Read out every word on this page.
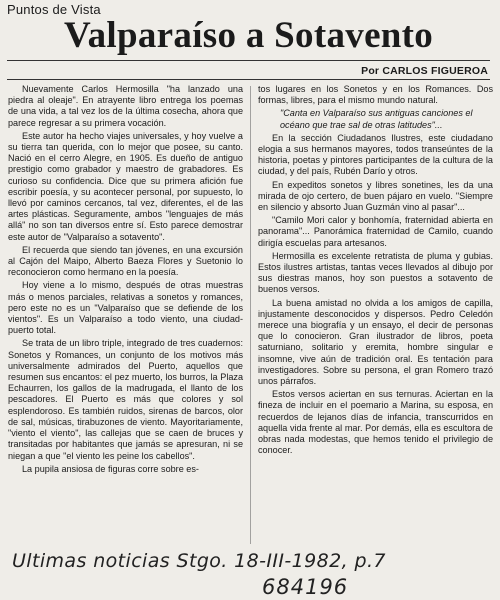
Puntos de Vista
Valparaíso a Sotavento
Por CARLOS FIGUEROA

Nuevamente Carlos Hermosilla "ha lanzado una piedra al oleaje". En atrayente libro entrega los poemas de una vida, a tal vez los de la última cosecha, ahora que parece regresar a su primera vocación.

Este autor ha hecho viajes universales, y hoy vuelve a su tierra tan querida, con lo mejor que posee, su canto. Nació en el cerro Alegre, en 1905. Es dueño de antiguo prestigio como grabador y maestro de grabadores. Es curioso su confidencia. Dice que su primera afición fue escribir poesía, y su acontecer personal, por supuesto, lo llevó por caminos cercanos, tal vez, diferentes, el de las artes plásticas. Seguramente, ambos "lenguajes de más allá" no son tan diversos entre sí. Esto parece demostrar este autor de "Valparaíso a sotavento".

El recuerda que siendo tan jóvenes, en una excursión al Cajón del Maipo, Alberto Baeza Flores y Suetonio lo reconocieron como hermano en la poesía.

Hoy viene a lo mismo, después de otras muestras más o menos parciales, relativas a sonetos y romances, pero este no es un "Valparaíso que se defiende de los vientos". Es un Valparaíso a todo viento, una ciudad-puerto total.

Se trata de un libro triple, integrado de tres cuadernos: Sonetos y Romances, un conjunto de los motivos más universalmente admirados del Puerto, aquellos que resumen sus encantos: el pez muerto, los burros, la Plaza Echaurren, los gallos de la madrugada, el llanto de los pescadores. El Puerto es más que colores y sol esplendoroso. Es también ruidos, sirenas de barcos, olor de sal, músicas, tirabuzones de viento. Mayoritariamente, "viento el viento", las callejas que se caen de bruces y transitadas por habitantes que jamás se apresuran, ni se niegan a que "el viento les peine los cabellos".

La pupila ansiosa de figuras corre sobre es-

tos lugares en los Sonetos y en los Romances. Dos formas, libres, para el mismo mundo natural.

"Canta en Valparaíso sus antiguas canciones el océano que trae sal de otras latitudes"...

En la sección Ciudadanos Ilustres, este ciudadano elogia a sus hermanos mayores, todos transeúntes de la historia, poetas y pintores participantes de la cultura de la ciudad, y del país, Rubén Darío y otros.

En expeditos sonetos y libres sonetines, les da una mirada de ojo certero, de buen pájaro en vuelo. "Siempre en silencio y absorto Juan Guzmán vino al pasar"...

"Camilo Mori calor y bonhomía, fraternidad abierta en panorama"... Panorámica fraternidad de Camilo, cuando dirigía escuelas para artesanos.

Hermosilla es excelente retratista de pluma y gubias. Estos ilustres artistas, tantas veces llevados al dibujo por sus diestras manos, hoy son puestos a sotavento de buenos versos.

La buena amistad no olvida a los amigos de capilla, injustamente desconocidos y dispersos. Pedro Celedón merece una biografía y un ensayo, el decir de personas que lo conocieron. Gran ilustrador de libros, poeta saturniano, solitario y eremita, hombre singular e insomne, vive aún de tradición oral. Es tentación para investigadores. Sobre su persona, el gran Romero trazó unos párrafos.

Estos versos aciertan en sus ternuras. Aciertan en la fineza de incluir en el poemario a Marina, su esposa, en recuerdos de lejanos días de infancia, transcurridos en aquella vida frente al mar. Por demás, ella es escultora de obras nada modestas, que hemos tenido el privilegio de conocer.

Ultimas noticias Stgo. 18-III-1982, p.7
684196
